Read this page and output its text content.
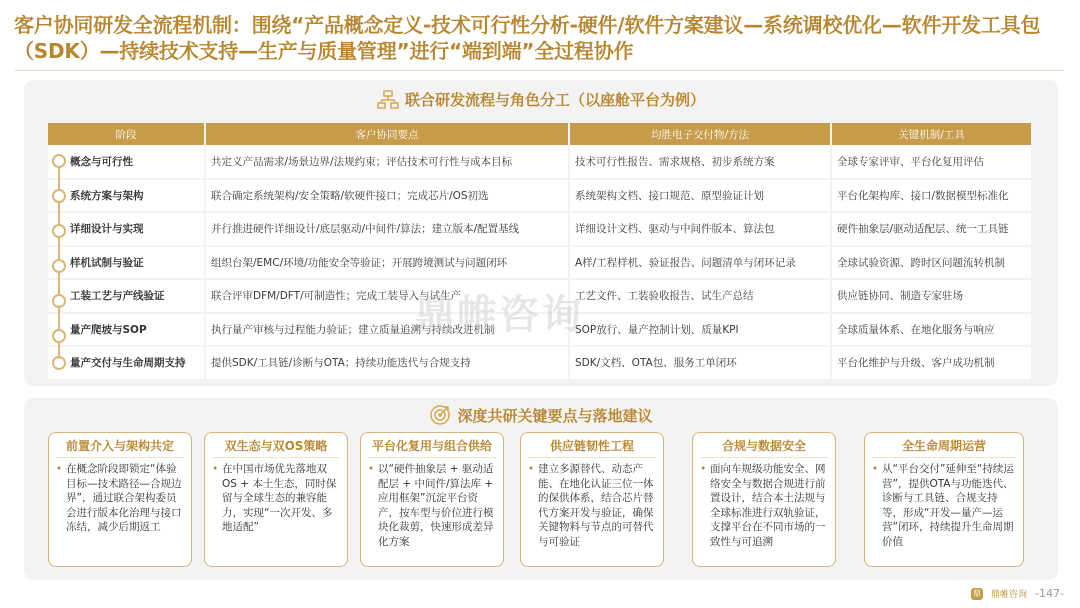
客户协同研发全流程机制：围绕“产品概念定义-技术可行性分析-硬件/软件方案建议—系统调校优化—软件开发工具包（SDK）—持续技术支持—生产与质量管理”进行“端到端”全过程协作
联合研发流程与角色分工（以座舱平台为例）
阶段	客户协同要点	均胜电子交付物/方法	关键机制/工具
概念与可行性	共定义产品需求/场景边界/法规约束；评估技术可行性与成本目标	技术可行性报告、需求规格、初步系统方案	全球专家评审、平台化复用评估
系统方案与架构	联合确定系统架构/安全策略/软硬件接口；完成芯片/OS初选	系统架构文档、接口规范、原型验证计划	平台化架构库、接口/数据模型标准化
详细设计与实现	并行推进硬件详细设计/底层驱动/中间件/算法；建立版本/配置基线	详细设计文档、驱动与中间件版本、算法包	硬件抽象层/驱动适配层、统一工具链
样机试制与验证	组织台架/EMC/环境/功能安全等验证；开展跨境测试与问题闭环	A样/工程样机、验证报告、问题清单与闭环记录	全球试验资源、跨时区问题流转机制
工装工艺与产线验证	联合评审DFM/DFT/可制造性；完成工装导入与试生产	工艺文件、工装验收报告、试生产总结	供应链协同、制造专家驻场
量产爬坡与SOP	执行量产审核与过程能力验证；建立质量追溯与持续改进机制	SOP放行、量产控制计划、质量KPI	全球质量体系、在地化服务与响应
量产交付与生命周期支持	提供SDK/工具链/诊断与OTA；持续功能迭代与合规支持	SDK/文档、OTA包、服务工单闭环	平台化维护与升级、客户成功机制
鼎帷咨询
深度共研关键要点与落地建议
前置介入与架构共定
• 在概念阶段即锁定“体验目标—技术路径—合规边界”，通过联合架构委员会进行版本化治理与接口冻结，减少后期返工
双生态与双OS策略
• 在中国市场优先落地双OS + 本土生态，同时保留与全球生态的兼容能力，实现“一次开发、多地适配”
平台化复用与组合供给
• 以“硬件抽象层 + 驱动适配层 + 中间件/算法库 + 应用框架”沉淀平台资产，按车型与价位进行模块化裁剪，快速形成差异化方案
供应链韧性工程
• 建立多源替代、动态产能、在地化认证三位一体的保供体系，结合芯片替代方案开发与验证，确保关键物料与节点的可替代与可验证
合规与数据安全
• 面向车规级功能安全、网络安全与数据合规进行前置设计，结合本土法规与全球标准进行双轨验证，支撑平台在不同市场的一致性与可追溯
全生命周期运营
• 从“平台交付”延伸至“持续运营”，提供OTA与功能迭代、诊断与工具链、合规支持等，形成“开发—量产—运营”闭环，持续提升生命周期价值
鼎 鼎帷咨询 -147-
